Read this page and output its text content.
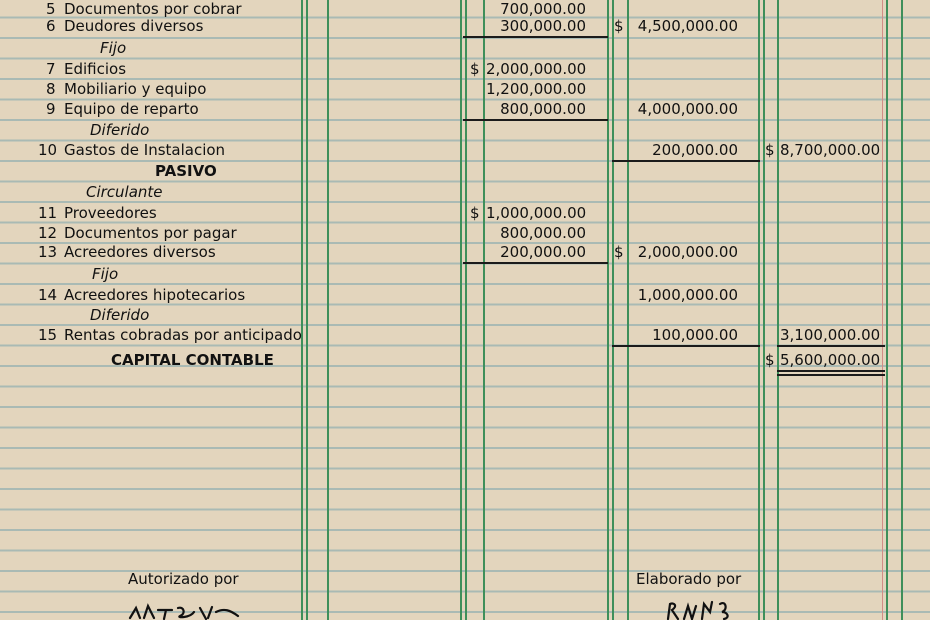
5 Documentos por cobrar	700,000.00
6 Deudores diversos	300,000.00 $ 4,500,000.00
Fijo
7 Edificios	$ 2,000,000.00
8 Mobiliario y equipo	1,200,000.00
9 Equipo de reparto	800,000.00	4,000,000.00
Diferido
10 Gastos de Instalacion	200,000.00 $ 8,700,000.00
PASIVO
Circulante
11 Proveedores	$ 1,000,000.00
12 Documentos por pagar	800,000.00
13 Acreedores diversos	200,000.00 $ 2,000,000.00
Fijo
14 Acreedores hipotecarios	1,000,000.00
Diferido
15 Rentas cobradas por anticipado	100,000.00	3,100,000.00
CAPITAL CONTABLE	$ 5,600,000.00
Autorizado por	Elaborado por
